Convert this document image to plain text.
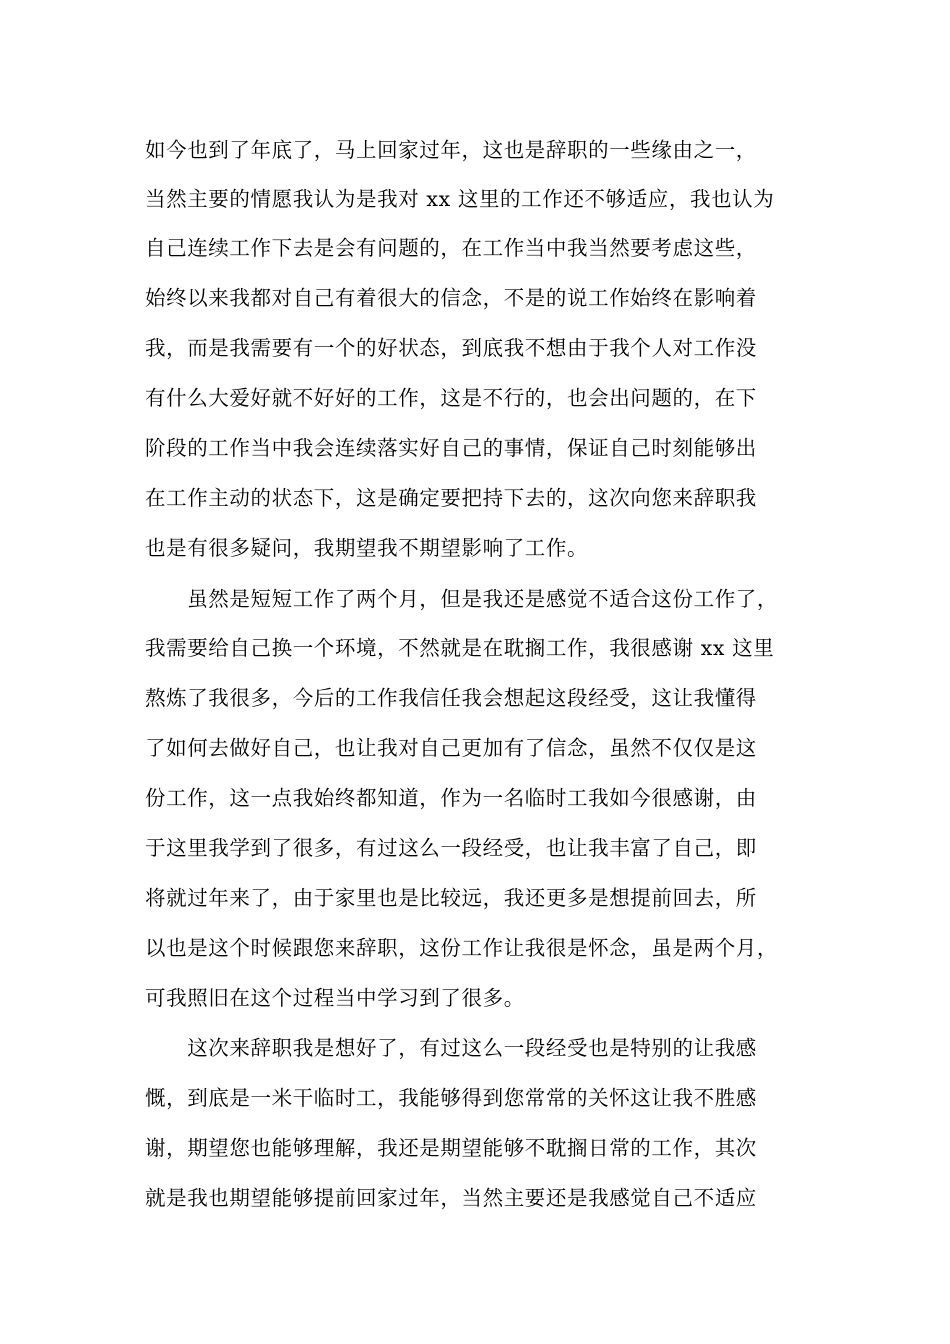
如今也到了年底了，马上回家过年，这也是辞职的一些缘由之一，
当然主要的情愿我认为是我对 xx 这里的工作还不够适应，我也认为
自己连续工作下去是会有问题的，在工作当中我当然要考虑这些，
始终以来我都对自己有着很大的信念，不是的说工作始终在影响着
我，而是我需要有一个的好状态，到底我不想由于我个人对工作没
有什么大爱好就不好好的工作，这是不行的，也会出问题的，在下
阶段的工作当中我会连续落实好自己的事情，保证自己时刻能够出
在工作主动的状态下，这是确定要把持下去的，这次向您来辞职我
也是有很多疑问，我期望我不期望影响了工作。
　　虽然是短短工作了两个月，但是我还是感觉不适合这份工作了，
我需要给自己换一个环境，不然就是在耽搁工作，我很感谢 xx 这里
熬炼了我很多，今后的工作我信任我会想起这段经受，这让我懂得
了如何去做好自己，也让我对自己更加有了信念，虽然不仅仅是这
份工作，这一点我始终都知道，作为一名临时工我如今很感谢，由
于这里我学到了很多，有过这么一段经受，也让我丰富了自己，即
将就过年来了，由于家里也是比较远，我还更多是想提前回去，所
以也是这个时候跟您来辞职，这份工作让我很是怀念，虽是两个月，
可我照旧在这个过程当中学习到了很多。
　　这次来辞职我是想好了，有过这么一段经受也是特别的让我感
慨，到底是一米干临时工，我能够得到您常常的关怀这让我不胜感
谢，期望您也能够理解，我还是期望能够不耽搁日常的工作，其次
就是我也期望能够提前回家过年，当然主要还是我感觉自己不适应
